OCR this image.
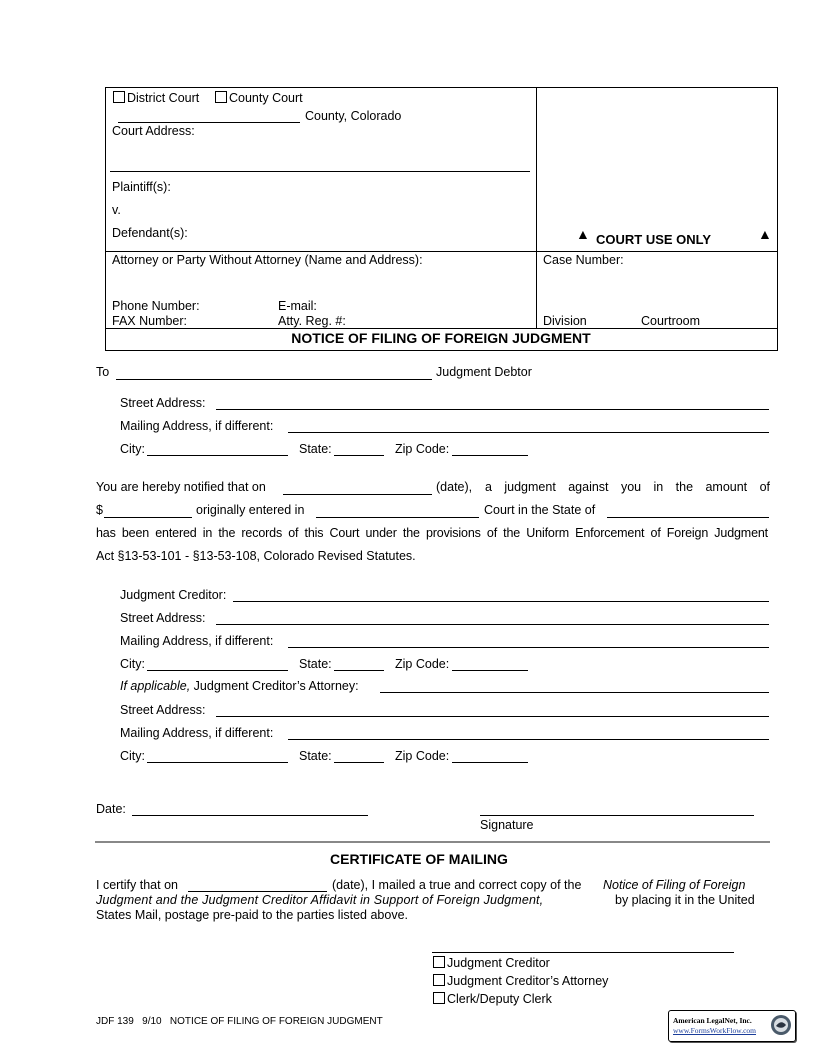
District Court	County Court
County, Colorado
Court Address:
Plaintiff(s):
v.
Defendant(s):	▲ COURT USE ONLY	▲
Attorney or Party Without Attorney (Name and Address):
Phone Number:	E-mail:
FAX Number:	Atty. Reg. #:
Case Number:
Division	Courtroom
NOTICE OF FILING OF FOREIGN JUDGMENT
To	Judgment Debtor
Street Address:
Mailing Address, if different:
City:	State:	Zip Code:
You are hereby notified that on	(date), a judgment against you in the amount of
$	originally entered in	Court in the State of
has been entered in the records of this Court under the provisions of the Uniform Enforcement of Foreign Judgment
Act §13-53-101 - §13-53-108, Colorado Revised Statutes.
Judgment Creditor:
Street Address:
Mailing Address, if different:
City:	State:	Zip Code:
If applicable, Judgment Creditor’s Attorney:
Street Address:
Mailing Address, if different:
City:	State:	Zip Code:
Date:
Signature
CERTIFICATE OF MAILING
I certify that on	(date), I mailed a true and correct copy of the Notice of Filing of Foreign
Judgment and the Judgment Creditor Affidavit in Support of Foreign Judgment,	by placing it in the United
States Mail, postage pre-paid to the parties listed above.
Judgment Creditor
Judgment Creditor’s Attorney
Clerk/Deputy Clerk
JDF 139   9/10   NOTICE OF FILING OF FOREIGN JUDGMENT	American LegalNet, Inc.
www.FormsWorkFlow.com
